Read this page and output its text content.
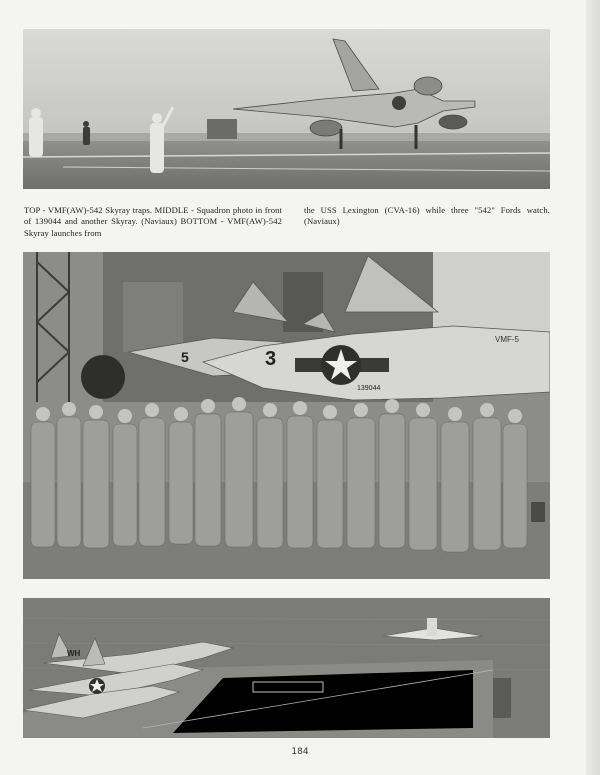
TOP - VMF(AW)-542 Skyray traps. MIDDLE - Squadron photo in front of 139044 and another Skyray. (Naviaux) BOTTOM - VMF(AW)-542 Skyray launches from
the USS Lexington (CVA-16) while three "542" Fords watch. (Naviaux)
5	3
139044
VMF-5
WH
184
